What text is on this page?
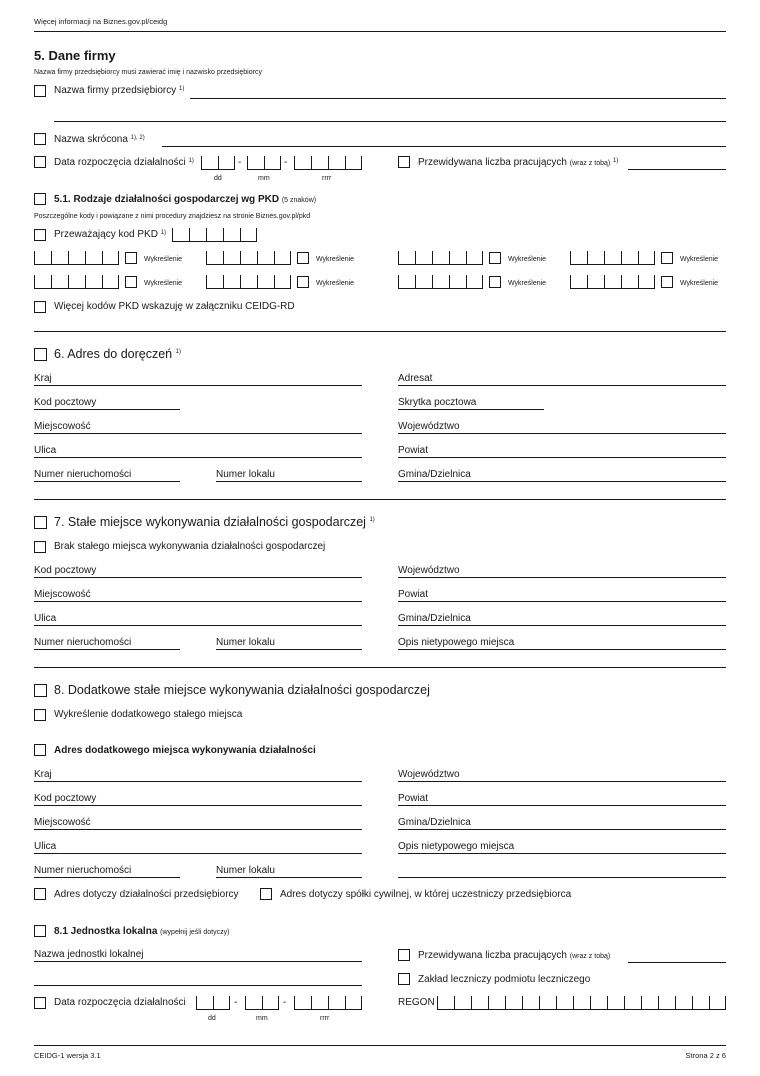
Więcej informacji na Biznes.gov.pl/ceidg
5. Dane firmy
Nazwa firmy przedsiębiorcy musi zawierać imię i nazwisko przedsiębiorcy
Nazwa firmy przedsiębiorcy $^{1)}$
Nazwa skrócona $^{1), 2)}$
Data rozpoczęcia działalności $^{1)}$	-	-
dd	mm	rrrr
Przewidywana liczba pracujących (wraz z tobą) $^{1)}$
5.1. Rodzaje działalności gospodarczej wg PKD (5 znaków)
Poszczególne kody i powiązane z nimi procedury znajdziesz na stronie Biznes.gov.pl/pkd
Przeważający kod PKD $^{1)}$
Wykreślenie	Wykreślenie	Wykreślenie	Wykreślenie
Wykreślenie	Wykreślenie	Wykreślenie	Wykreślenie
Więcej kodów PKD wskazuję w załączniku CEIDG-RD
6. Adres do doręczeń $^{1)}$
Kraj	Adresat
Kod pocztowy	Skrytka pocztowa
Miejscowość	Województwo
Ulica	Powiat
Numer nieruchomości	Numer lokalu	Gmina/Dzielnica
7. Stałe miejsce wykonywania działalności gospodarczej $^{1)}$
Brak stałego miejsca wykonywania działalności gospodarczej
Kod pocztowy	Województwo
Miejscowość	Powiat
Ulica	Gmina/Dzielnica
Numer nieruchomości	Numer lokalu	Opis nietypowego miejsca
8. Dodatkowe stałe miejsce wykonywania działalności gospodarczej
Wykreślenie dodatkowego stałego miejsca
Adres dodatkowego miejsca wykonywania działalności
Kraj	Województwo
Kod pocztowy	Powiat
Miejscowość	Gmina/Dzielnica
Ulica	Opis nietypowego miejsca
Numer nieruchomości	Numer lokalu
Adres dotyczy działalności przedsiębiorcy	Adres dotyczy spółki cywilnej, w której uczestniczy przedsiębiorca
8.1 Jednostka lokalna (wypełnij jeśli dotyczy)
Nazwa jednostki lokalnej	Przewidywana liczba pracujących (wraz z tobą)
Zakład leczniczy podmiotu leczniczego
Data rozpoczęcia działalności	-	-
dd	mm	rrrr
REGON
CEIDG-1 wersja 3.1	Strona 2 z 6
